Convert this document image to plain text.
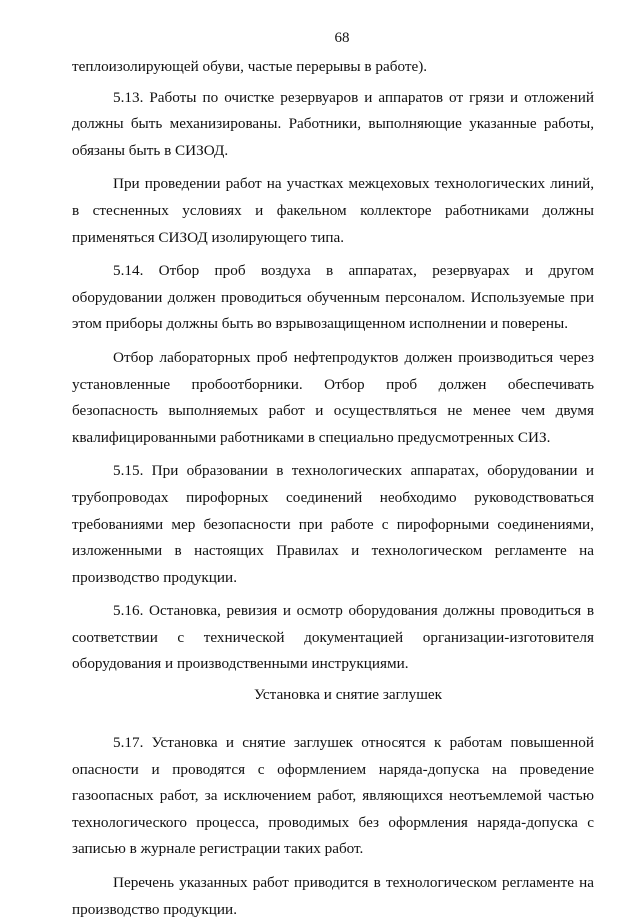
68

теплоизолирующей обуви, частые перерывы в работе).

5.13. Работы по очистке резервуаров и аппаратов от грязи и отложений должны быть механизированы. Работники, выполняющие указанные работы, обязаны быть в СИЗОД.

При проведении работ на участках межцеховых технологических линий, в стесненных условиях и факельном коллекторе работниками должны применяться СИЗОД изолирующего типа.

5.14. Отбор проб воздуха в аппаратах, резервуарах и другом оборудовании должен проводиться обученным персоналом. Используемые при этом приборы должны быть во взрывозащищенном исполнении и поверены.

Отбор лабораторных проб нефтепродуктов должен производиться через установленные пробоотборники. Отбор проб должен обеспечивать безопасность выполняемых работ и осуществляться не менее чем двумя квалифицированными работниками в специально предусмотренных СИЗ.

5.15. При образовании в технологических аппаратах, оборудовании и трубопроводах пирофорных соединений необходимо руководствоваться требованиями мер безопасности при работе с пирофорными соединениями, изложенными в настоящих Правилах и технологическом регламенте на производство продукции.

5.16. Остановка, ревизия и осмотр оборудования должны проводиться в соответствии с технической документацией организации-изготовителя оборудования и производственными инструкциями.

Установка и снятие заглушек

5.17. Установка и снятие заглушек относятся к работам повышенной опасности и проводятся с оформлением наряда-допуска на проведение газоопасных работ, за исключением работ, являющихся неотъемлемой частью технологического процесса, проводимых без оформления наряда-допуска с записью в журнале регистрации таких работ.

Перечень указанных работ приводится в технологическом регламенте на производство продукции.
